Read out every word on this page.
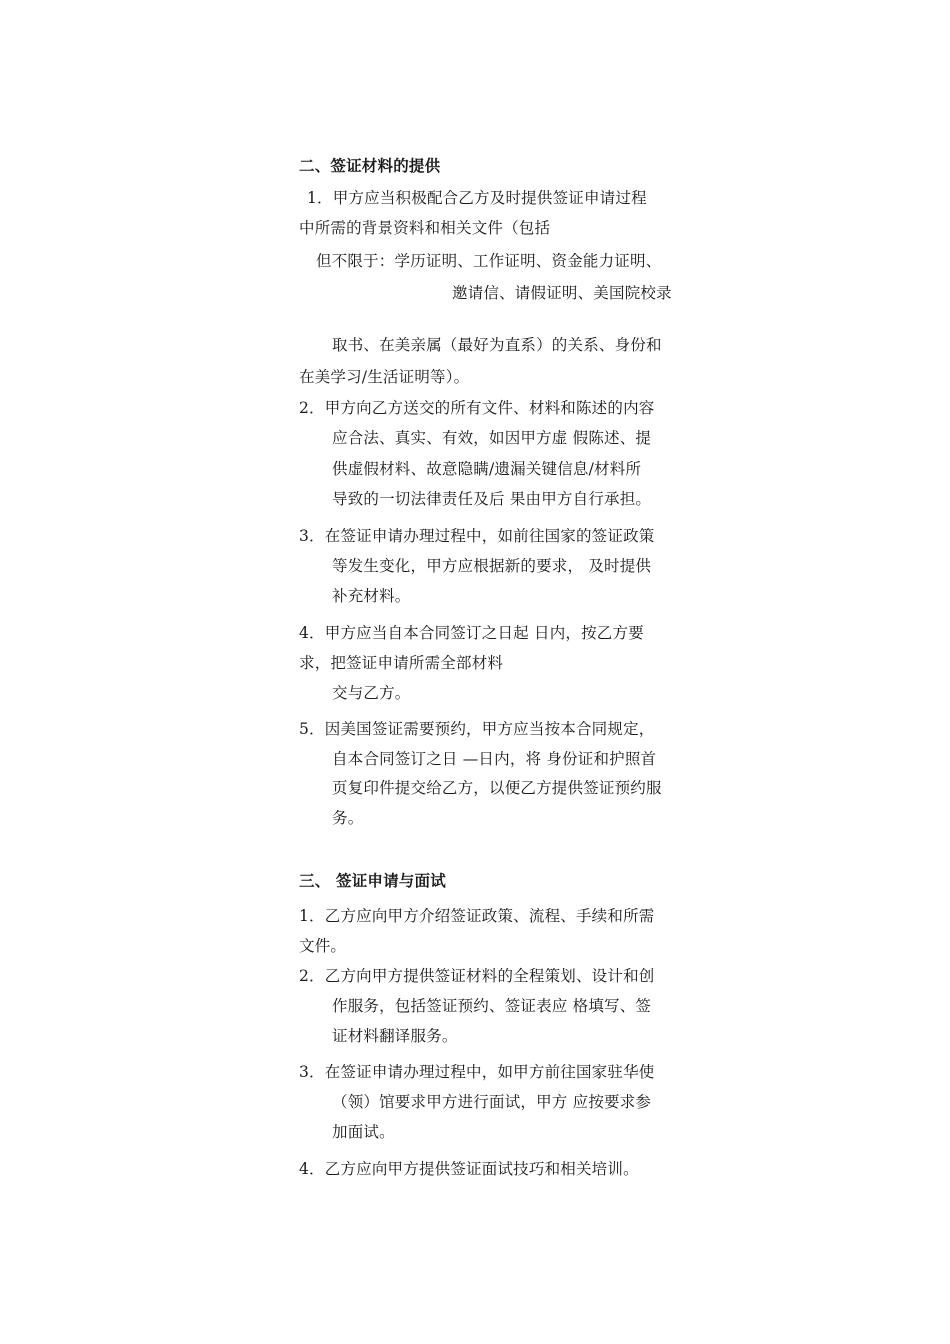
二、签证材料的提供
1．甲方应当积极配合乙方及时提供签证申请过程
中所需的背景资料和相关文件（包括
但不限于：学历证明、工作证明、资金能力证明、
邀请信、请假证明、美国院校录
取书、在美亲属（最好为直系）的关系、身份和
在美学习/生活证明等）。
2．甲方向乙方送交的所有文件、材料和陈述的内容
应合法、真实、有效，如因甲方虚 假陈述、提
供虚假材料、故意隐瞒/遗漏关键信息/材料所
导致的一切法律责任及后 果由甲方自行承担。
3．在签证申请办理过程中，如前往国家的签证政策
等发生变化，甲方应根据新的要求， 及时提供
补充材料。
4．甲方应当自本合同签订之日起 日内，按乙方要
求，把签证申请所需全部材料
交与乙方。
5．因美国签证需要预约，甲方应当按本合同规定，
自本合同签订之日 —日内，将 身份证和护照首
页复印件提交给乙方，以便乙方提供签证预约服
务。
三、 签证申请与面试
1．乙方应向甲方介绍签证政策、流程、手续和所需
文件。
2．乙方向甲方提供签证材料的全程策划、设计和创
作服务，包括签证预约、签证表应 格填写、签
证材料翻译服务。
3．在签证申请办理过程中，如甲方前往国家驻华使
（领）馆要求甲方进行面试，甲方 应按要求参
加面试。
4．乙方应向甲方提供签证面试技巧和相关培训。
